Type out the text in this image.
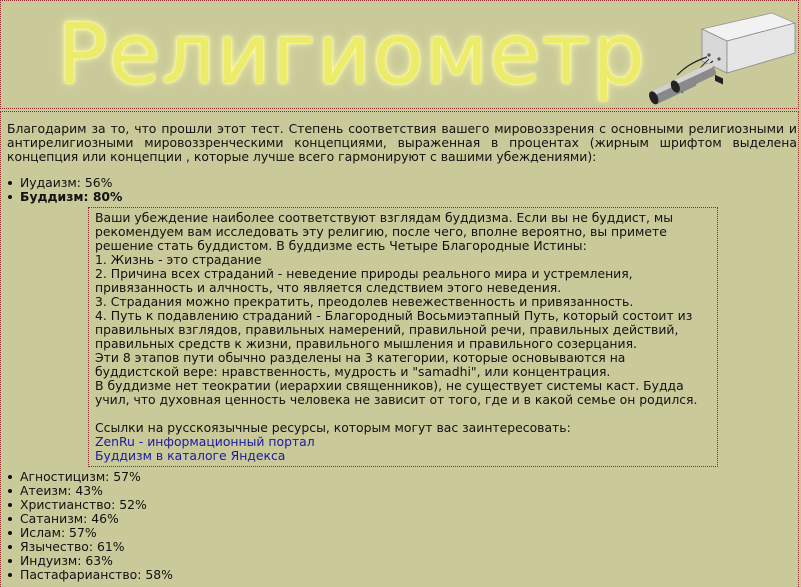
Религиометр

Благодарим за то, что прошли этот тест. Степень соответствия вашего мировоззрения с основными религиозными и антирелигиозными мировоззренческими концепциями, выраженная в процентах (жирным шрифтом выделена концепция или концепции , которые лучше всего гармонируют с вашими убеждениями):

Иудаизм: 56%
Буддизм: 80%

Ваши убеждение наиболее соответствуют взглядам буддизма. Если вы не буддист, мы рекомендуем вам исследовать эту религию, после чего, вполне вероятно, вы примете решение стать буддистом. В буддизме есть Четыре Благородные Истины:

1. Жизнь - это страдание

2. Причина всех страданий - неведение природы реального мира и устремления, привязанность и алчность, что является следствием этого неведения.

3. Страдания можно прекратить, преодолев невежественность и привязанность.

4. Путь к подавлению страданий - Благородный Восьмиэтапный Путь, который состоит из правильных взглядов, правильных намерений, правильной речи, правильных действий, правильных средств к жизни, правильного мышления и правильного созерцания.

Эти 8 этапов пути обычно разделены на 3 категории, которые основываются на буддистской вере: нравственность, мудрость и "samadhi", или концентрация.

В буддизме нет теократии (иерархии священников), не существует системы каст. Будда учил, что духовная ценность человека не зависит от того, где и в какой семье он родился.

Ссылки на русскоязычные ресурсы, которым могут вас заинтересовать:

ZenRu - информационный портал
Буддизм в каталоге Яндекса
Агностицизм: 57%
Атеизм: 43%
Христианство: 52%
Сатанизм: 46%
Ислам: 57%
Язычество: 61%
Индуизм: 63%
Пастафарианство: 58%
